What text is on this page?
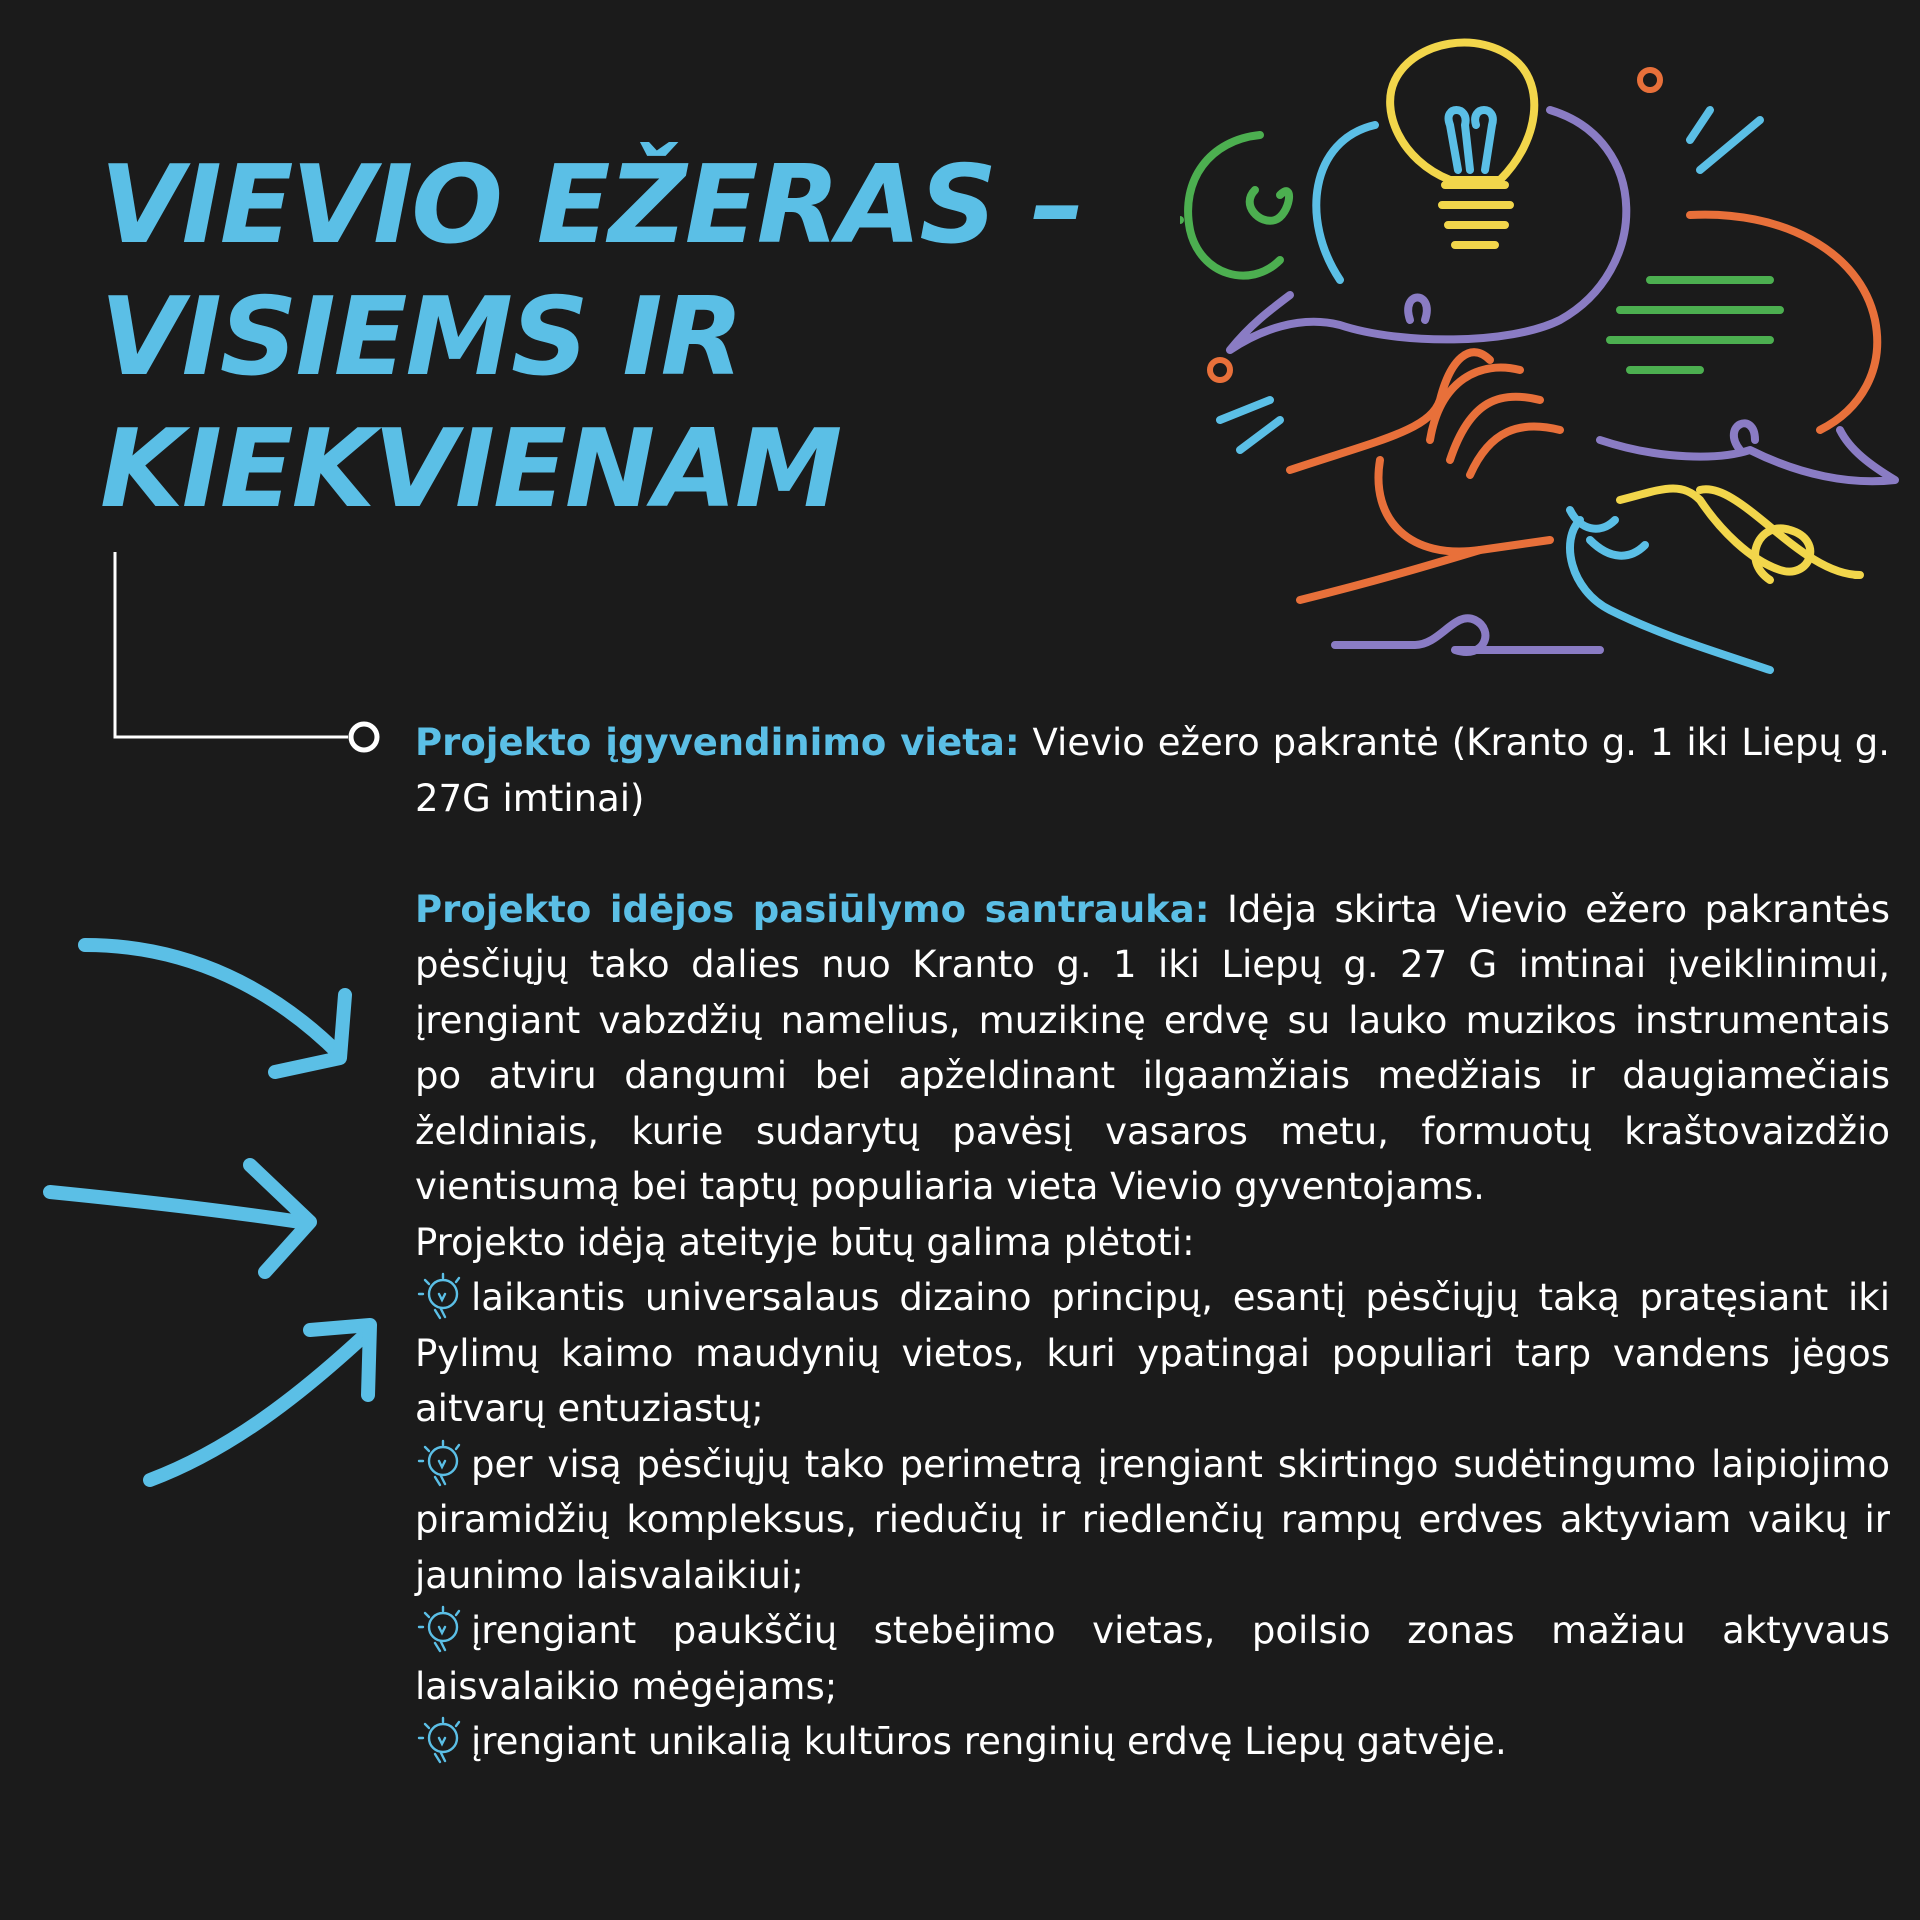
VIEVIO EŽERAS –
VISIEMS IR
KIEKVIENAM

Projekto įgyvendinimo vieta: Vievio ežero pakrantė (Kranto g. 1 iki Liepų g. 27G imtinai)

Projekto idėjos pasiūlymo santrauka: Idėja skirta Vievio ežero pakrantės pėsčiųjų tako dalies nuo Kranto g. 1 iki Liepų g. 27 G imtinai įveiklinimui, įrengiant vabzdžių namelius, muzikinę erdvę su lauko muzikos instrumentais po atviru dangumi bei apželdinant ilgaamžiais medžiais ir daugiamečiais želdiniais, kurie sudarytų pavėsį vasaros metu, formuotų kraštovaizdžio vientisumą bei taptų populiaria vieta Vievio gyventojams.

Projekto idėją ateityje būtų galima plėtoti:

laikantis universalaus dizaino principų, esantį pėsčiųjų taką pratęsiant iki Pylimų kaimo maudynių vietos, kuri ypatingai populiari tarp vandens jėgos aitvarų entuziastų;

per visą pėsčiųjų tako perimetrą įrengiant skirtingo sudėtingumo laipiojimo piramidžių kompleksus, riedučių ir riedlenčių rampų erdves aktyviam vaikų ir jaunimo laisvalaikiui;

įrengiant paukščių stebėjimo vietas, poilsio zonas mažiau aktyvaus laisvalaikio mėgėjams;

įrengiant unikalią kultūros renginių erdvę Liepų gatvėje.
